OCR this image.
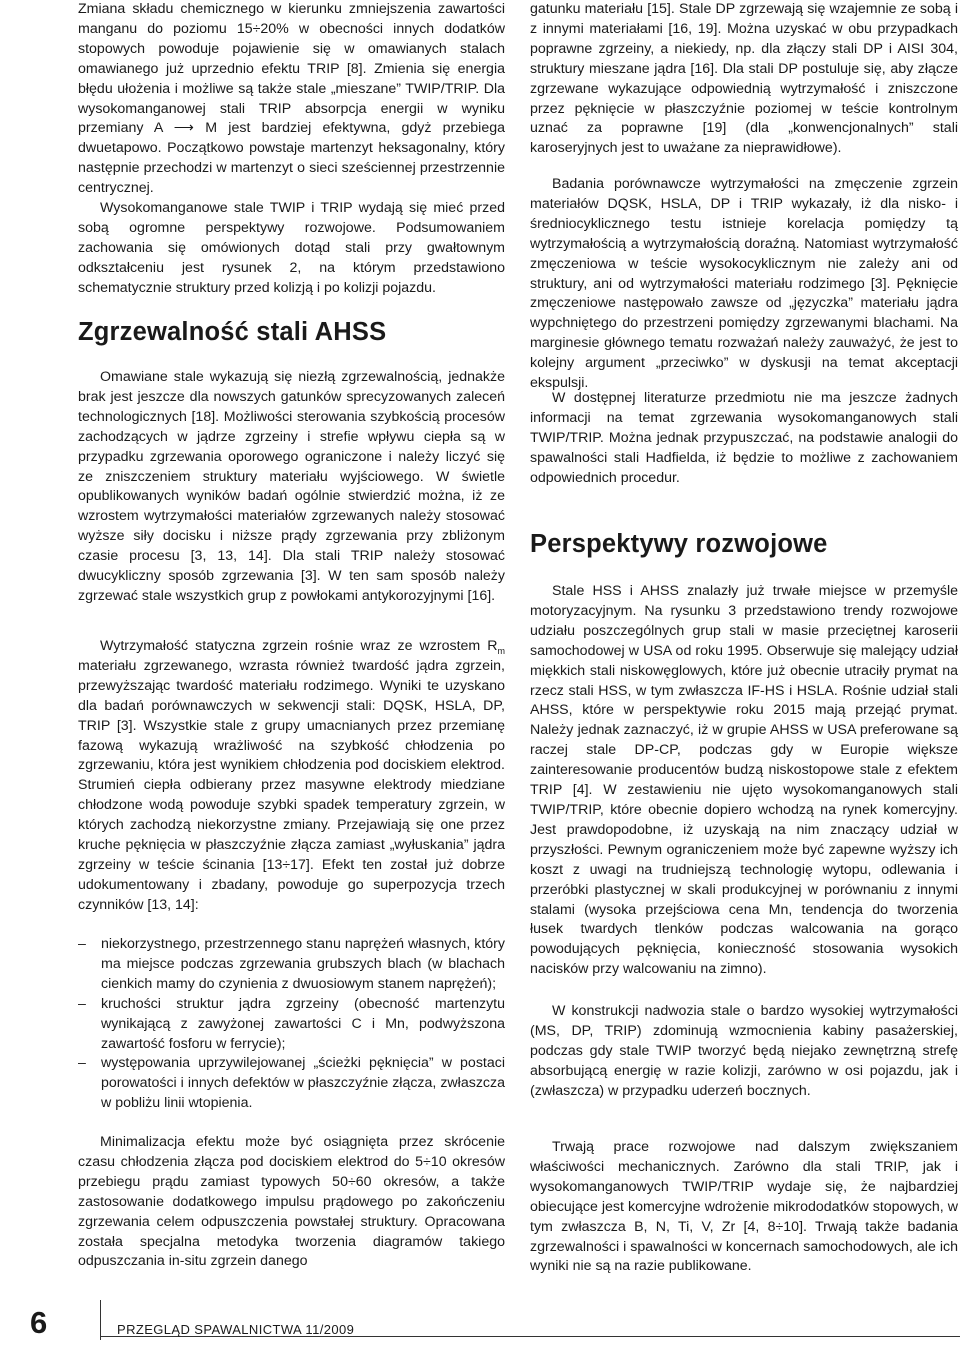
Zmiana składu chemicznego w kierunku zmniejszenia zawartości manganu do poziomu 15÷20% w obecności innych dodatków stopowych powoduje pojawienie się w omawianych stalach omawianego już uprzednio efektu TRIP [8]. Zmienia się energia błędu ułożenia i możliwe są także stale „mieszane” TWIP/TRIP. Dla wysokomanganowej stali TRIP absorpcja energii w wyniku przemiany A ⟶ M jest bardziej efektywna, gdyż przebiega dwuetapowo. Początkowo powstaje martenzyt heksagonalny, który następnie przechodzi w martenzyt o sieci sześciennej przestrzennie centrycznej.

Wysokomanganowe stale TWIP i TRIP wydają się mieć przed sobą ogromne perspektywy rozwojowe. Podsumowaniem zachowania się omówionych dotąd stali przy gwałtownym odkształceniu jest rysunek 2, na którym przedstawiono schematycznie struktury przed kolizją i po kolizji pojazdu.

Omawiane stale wykazują się niezłą zgrzewalnością, jednakże brak jest jeszcze dla nowszych gatunków sprecyzowanych zaleceń technologicznych [18]. Możliwości sterowania szybkością procesów zachodzących w jądrze zgrzeiny i strefie wpływu ciepła są w przypadku zgrzewania oporowego ograniczone i należy liczyć się ze zniszczeniem struktury materiału wyjściowego. W świetle opublikowanych wyników badań ogólnie stwierdzić można, iż ze wzrostem wytrzymałości materiałów zgrzewanych należy stosować wyższe siły docisku i niższe prądy zgrzewania przy zbliżonym czasie procesu [3, 13, 14]. Dla stali TRIP należy stosować dwucykliczny sposób zgrzewania [3]. W ten sam sposób należy zgrzewać stale wszystkich grup z powłokami antykorozyjnymi [16].

Wytrzymałość statyczna zgrzein rośnie wraz ze wzrostem $R_m$ materiału zgrzewanego, wzrasta również twardość jądra zgrzein, przewyższając twardość materiału rodzimego. Wyniki te uzyskano dla badań porównawczych w sekwencji stali: DQSK, HSLA, DP, TRIP [3]. Wszystkie stale z grupy umacnianych przez przemianę fazową wykazują wrażliwość na szybkość chłodzenia po zgrzewaniu, która jest wynikiem chłodzenia pod dociskiem elektrod. Strumień ciepła odbierany przez masywne elektrody miedziane chłodzone wodą powoduje szybki spadek temperatury zgrzein, w których zachodzą niekorzystne zmiany. Przejawiają się one przez kruche pęknięcia w płaszczyźnie złącza zamiast „wyłuskania” jądra zgrzeiny w teście ścinania [13÷17]. Efekt ten został już dobrze udokumentowany i zbadany, powoduje go superpozycja trzech czynników [13, 14]:

– niekorzystnego, przestrzennego stanu naprężeń własnych, który ma miejsce podczas zgrzewania grubszych blach (w blachach cienkich mamy do czynienia z dwuosiowym stanem naprężeń);
– kruchości struktur jądra zgrzeiny (obecność martenzytu wynikającą z zawyżonej zawartości C i Mn, podwyższona zawartość fosforu w ferrycie);
– występowania uprzywilejowanej „ścieżki pęknięcia” w postaci porowatości i innych defektów w płaszczyźnie złącza, zwłaszcza w pobliżu linii wtopienia.

Minimalizacja efektu może być osiągnięta przez skrócenie czasu chłodzenia złącza pod dociskiem elektrod do 5÷10 okresów przebiegu prądu zamiast typowych 50÷60 okresów, a także zastosowanie dodatkowego impulsu prądowego po zakończeniu zgrzewania celem odpuszczenia powstałej struktury. Opracowana została specjalna metodyka tworzenia diagramów takiego odpuszczania in-situ zgrzein danego

Zgrzewalność stali AHSS

gatunku materiału [15]. Stale DP zgrzewają się wzajemnie ze sobą i z innymi materiałami [16, 19]. Można uzyskać w obu przypadkach poprawne zgrzeiny, a niekiedy, np. dla złączy stali DP i AISI 304, struktury mieszane jądra [16]. Dla stali DP postuluje się, aby złącze zgrzewane wykazujące odpowiednią wytrzymałość i zniszczone przez pęknięcie w płaszczyźnie poziomej w teście kontrolnym uznać za poprawne [19] (dla „konwencjonalnych” stali karoseryjnych jest to uważane za nieprawidłowe).

Badania porównawcze wytrzymałości na zmęczenie zgrzein materiałów DQSK, HSLA, DP i TRIP wykazały, iż dla nisko- i średniocyklicznego testu istnieje korelacja pomiędzy tą wytrzymałością a wytrzymałością doraźną. Natomiast wytrzymałość zmęczeniowa w teście wysokocyklicznym nie zależy ani od struktury, ani od wytrzymałości materiału rodzimego [3]. Pęknięcie zmęczeniowe następowało zawsze od „języczka” materiału jądra wypchniętego do przestrzeni pomiędzy zgrzewanymi blachami. Na marginesie głównego tematu rozważań należy zauważyć, że jest to kolejny argument „przeciwko” w dyskusji na temat akceptacji ekspulsji.

W dostępnej literaturze przedmiotu nie ma jeszcze żadnych informacji na temat zgrzewania wysokomanganowych stali TWIP/TRIP. Można jednak przypuszczać, na podstawie analogii do spawalności stali Hadfielda, iż będzie to możliwe z zachowaniem odpowiednich procedur.

Stale HSS i AHSS znalazły już trwałe miejsce w przemyśle motoryzacyjnym. Na rysunku 3 przedstawiono trendy rozwojowe udziału poszczególnych grup stali w masie przeciętnej karoserii samochodowej w USA od roku 1995. Obserwuje się malejący udział miękkich stali niskowęglowych, które już obecnie utraciły prymat na rzecz stali HSS, w tym zwłaszcza IF-HS i HSLA. Rośnie udział stali AHSS, które w perspektywie roku 2015 mają przejąć prymat. Należy jednak zaznaczyć, iż w grupie AHSS w USA preferowane są raczej stale DP-CP, podczas gdy w Europie większe zainteresowanie producentów budzą niskostopowe stale z efektem TRIP [4]. W zestawieniu nie ujęto wysokomanganowych stali TWIP/TRIP, które obecnie dopiero wchodzą na rynek komercyjny. Jest prawdopodobne, iż uzyskają na nim znaczący udział w przyszłości. Pewnym ograniczeniem może być zapewne wyższy ich koszt z uwagi na trudniejszą technologię wytopu, odlewania i przeróbki plastycznej w skali produkcyjnej w porównaniu z innymi stalami (wysoka przejściowa cena Mn, tendencja do tworzenia łusek twardych tlenków podczas walcowania na gorąco powodujących pęknięcia, konieczność stosowania wysokich nacisków przy walcowaniu na zimno).

W konstrukcji nadwozia stale o bardzo wysokiej wytrzymałości (MS, DP, TRIP) zdominują wzmocnienia kabiny pasażerskiej, podczas gdy stale TWIP tworzyć będą niejako zewnętrzną strefę absorbującą energię w razie kolizji, zarówno w osi pojazdu, jak i (zwłaszcza) w przypadku uderzeń bocznych.

Trwają prace rozwojowe nad dalszym zwiększaniem właściwości mechanicznych. Zarówno dla stali TRIP, jak i wysokomanganowych TWIP/TRIP wydaje się, że najbardziej obiecujące jest komercyjne wdrożenie mikrododatków stopowych, w tym zwłaszcza B, N, Ti, V, Zr [4, 8÷10]. Trwają także badania zgrzewalności i spawalności w koncernach samochodowych, ale ich wyniki nie są na razie publikowane.

Perspektywy rozwojowe
6	PRZEGLĄD SPAWALNICTWA 11/2009
